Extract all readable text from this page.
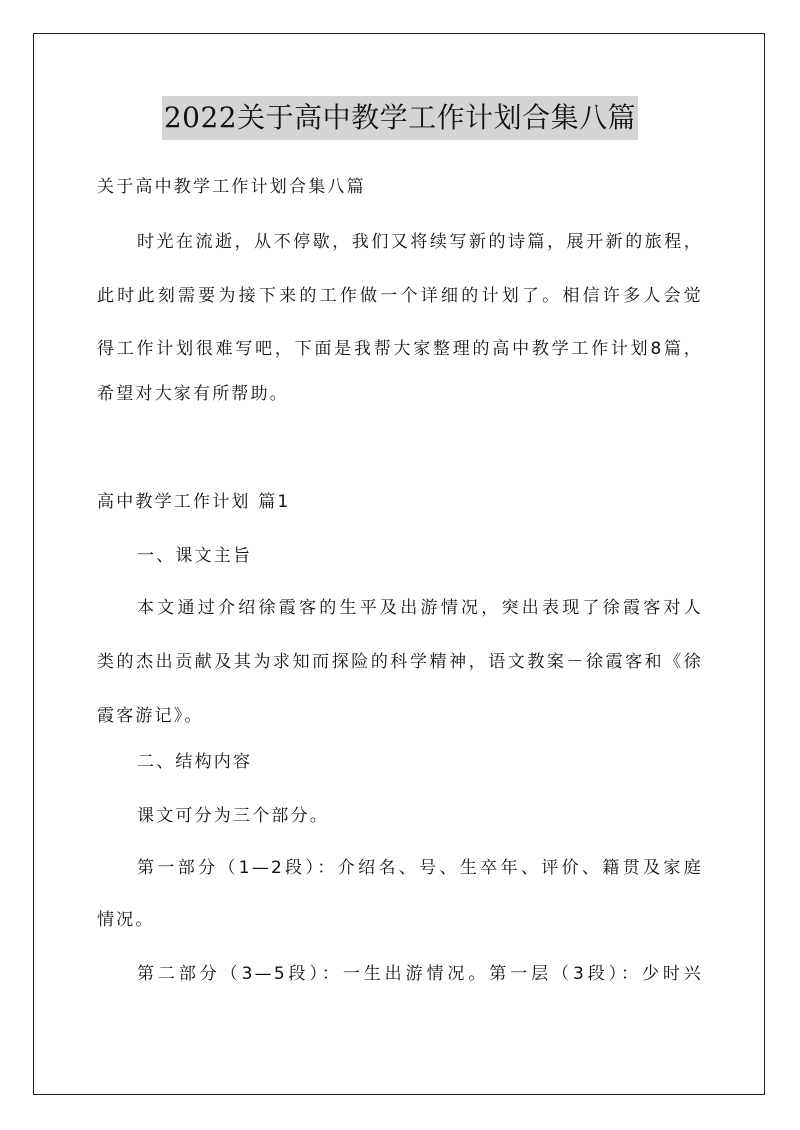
2022关于高中教学工作计划合集八篇
关于高中教学工作计划合集八篇
时光在流逝，从不停歇，我们又将续写新的诗篇，展开新的旅程，
此时此刻需要为接下来的工作做一个详细的计划了。相信许多人会觉
得工作计划很难写吧，下面是我帮大家整理的高中教学工作计划8篇，
希望对大家有所帮助。
高中教学工作计划 篇1
一、课文主旨
本文通过介绍徐霞客的生平及出游情况，突出表现了徐霞客对人
类的杰出贡献及其为求知而探险的科学精神，语文教案－徐霞客和《徐
霞客游记》。
二、结构内容
课文可分为三个部分。
第一部分（1—2段）：介绍名、号、生卒年、评价、籍贯及家庭
情况。
第二部分（3—5段）：一生出游情况。第一层（3段）：少时兴
